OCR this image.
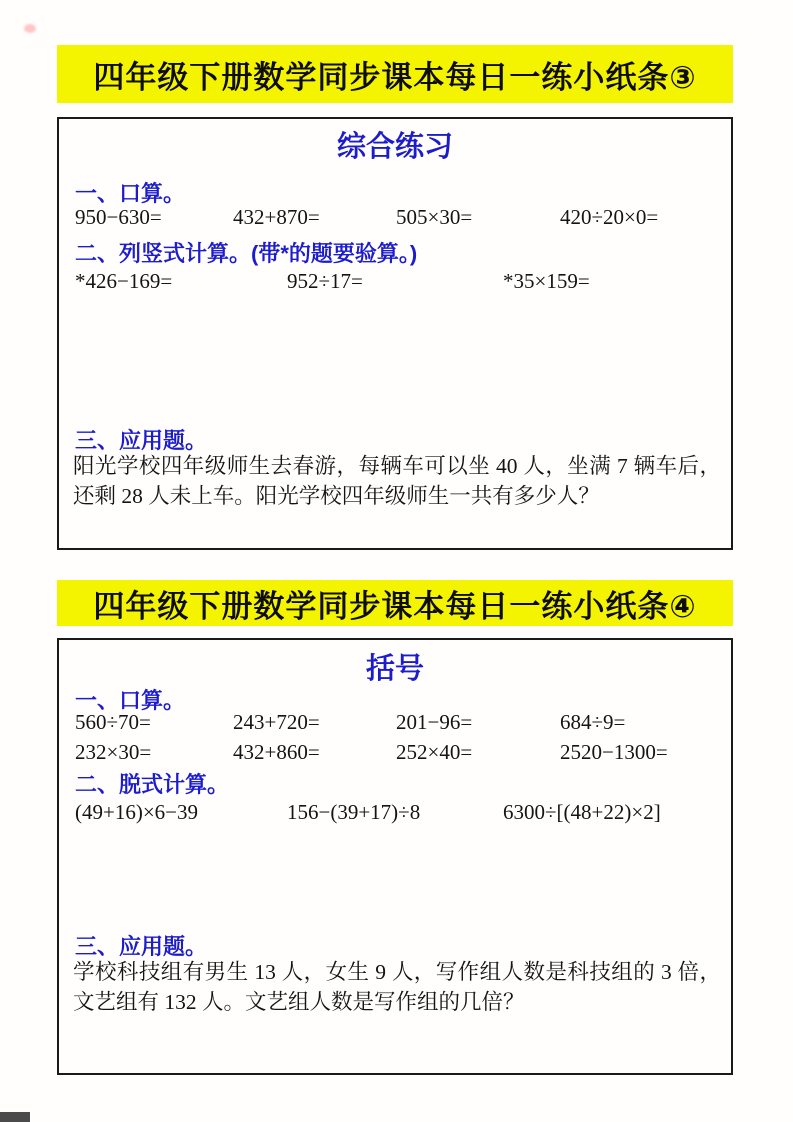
四年级下册数学同步课本每日一练小纸条③
综合练习
一、口算。
950−630=	432+870=	505×30=	420÷20×0=
二、列竖式计算。(带*的题要验算。)
*426−169=	952÷17=	*35×159=
三、应用题。
阳光学校四年级师生去春游，每辆车可以坐 40 人，坐满 7 辆车后，还剩 28 人未上车。阳光学校四年级师生一共有多少人？
四年级下册数学同步课本每日一练小纸条④
括号
一、口算。
560÷70=	243+720=	201−96=	684÷9=
232×30=	432+860=	252×40=	2520−1300=
二、脱式计算。
(49+16)×6−39	156−(39+17)÷8	6300÷[(48+22)×2]
三、应用题。
学校科技组有男生 13 人，女生 9 人，写作组人数是科技组的 3 倍，文艺组有 132 人。文艺组人数是写作组的几倍？
